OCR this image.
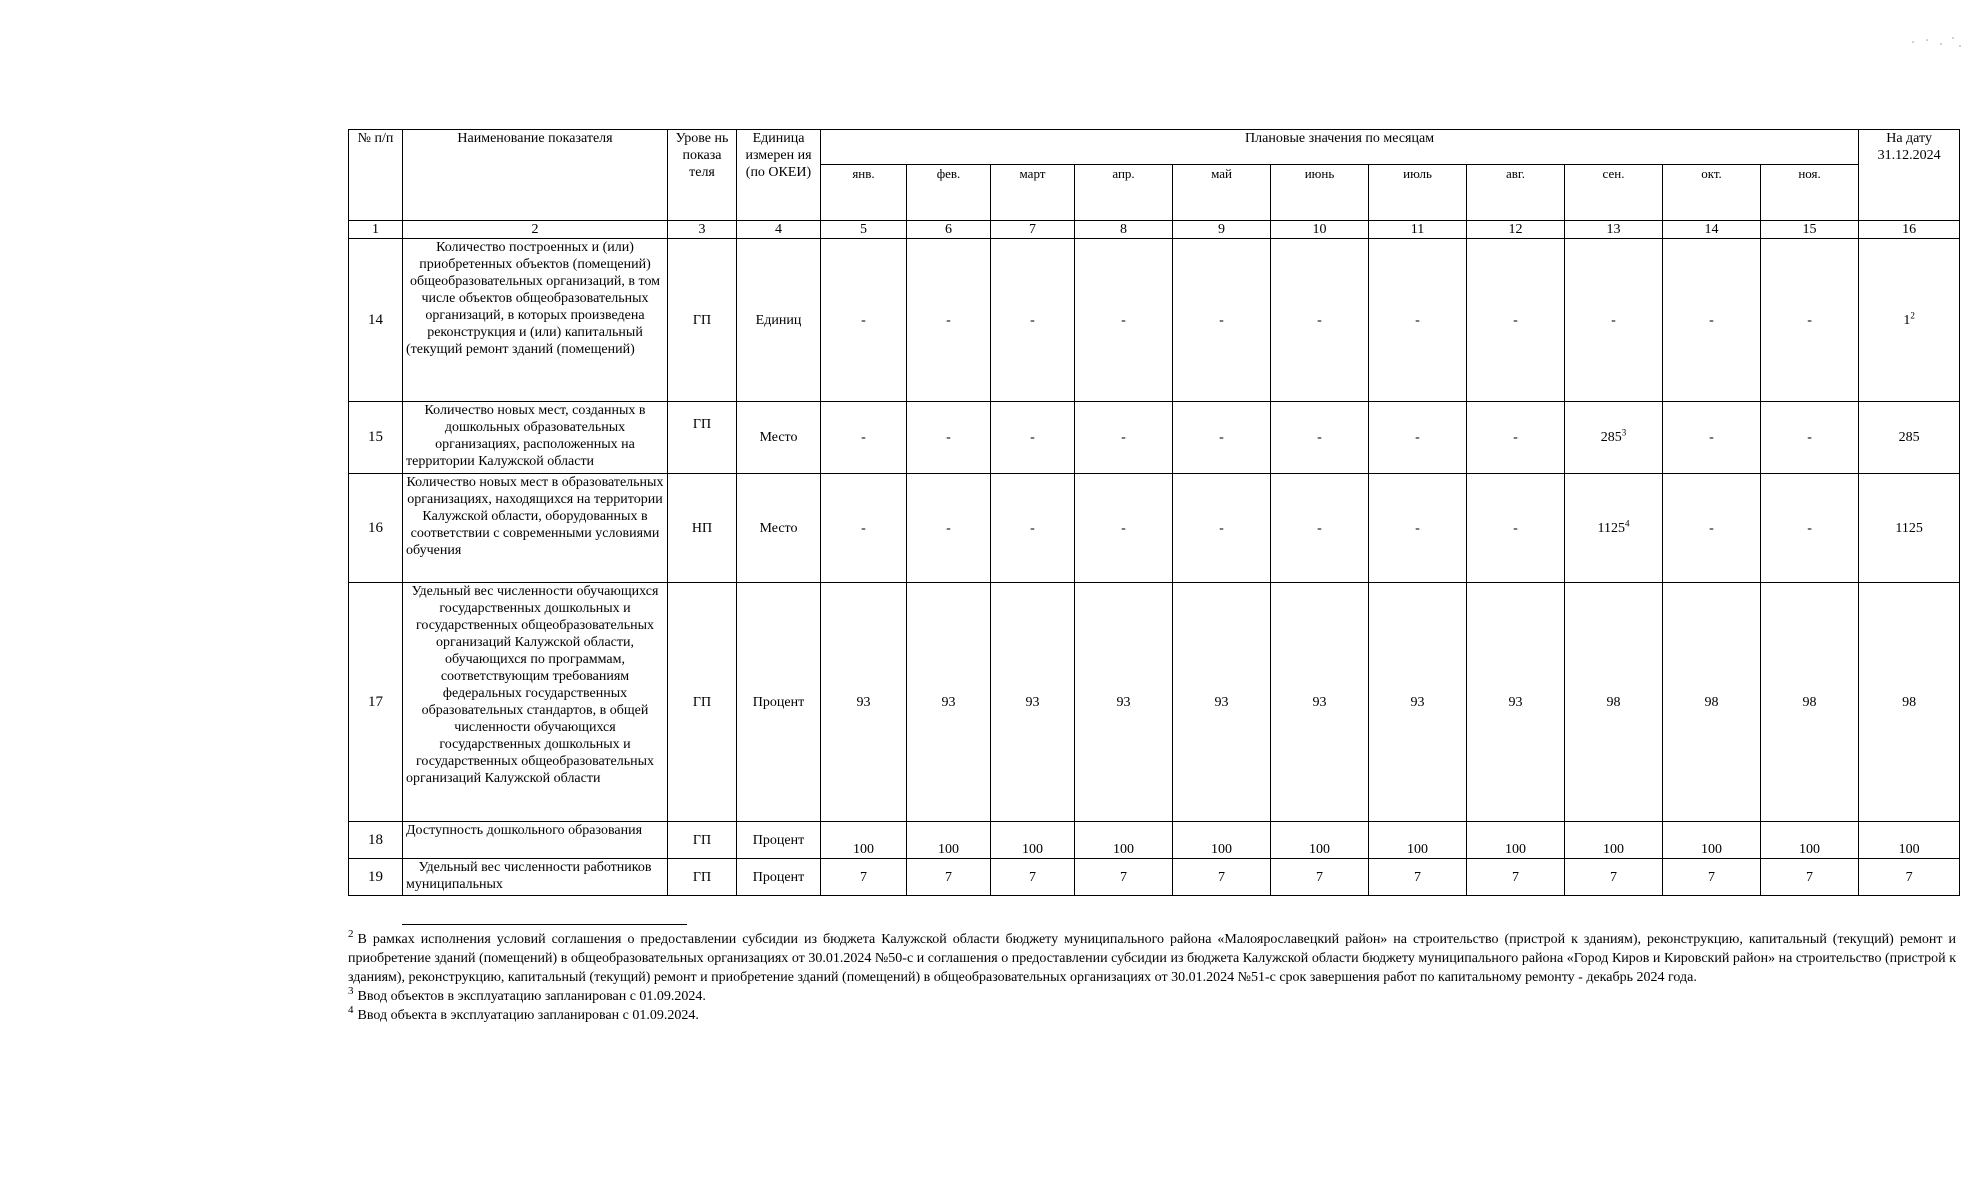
№ п/п	Наименование показателя	Урове нь показа теля	Единица измерен ия (по ОКЕИ)	Плановые значения по месяцам											На дату 31.12.2024
				янв.	фев.	март	апр.	май	июнь	июль	авг.	сен.	окт.	ноя.	
1	2	3	4	5	6	7	8	9	10	11	12	13	14	15	16
14	Количество построенных и (или) приобретенных объектов (помещений) общеобразовательных организаций, в том числе объектов общеобразовательных организаций, в которых произведена реконструкция и (или) капитальный (текущий ремонт зданий (помещений)	ГП	Единиц	-	-	-	-	-	-	-	-	-	-	-	$1^2$
15	Количество новых мест, созданных в дошкольных образовательных организациях, расположенных на территории Калужской области	ГП	Место	-	-	-	-	-	-	-	-	$285^3$	-	-	285
16	Количество новых мест в образовательных организациях, находящихся на территории Калужской области, оборудованных в соответствии с современными условиями обучения	НП	Место	-	-	-	-	-	-	-	-	1125$^4$	-	-	1125
17	Удельный вес численности обучающихся государственных дошкольных и государственных общеобразовательных организаций Калужской области, обучающихся по программам, соответствующим требованиям федеральных государственных образовательных стандартов, в общей численности обучающихся государственных дошкольных и государственных общеобразовательных организаций Калужской области	ГП	Процент	93	93	93	93	93	93	93	93	98	98	98	98
18	Доступность дошкольного образования	ГП	Процент	100	100	100	100	100	100	100	100	100	100	100	100
19	Удельный вес численности работников муниципальных	ГП	Процент	7	7	7	7	7	7	7	7	7	7	7	7

$^2$ В рамках исполнения условий соглашения о предоставлении субсидии из бюджета Калужской области бюджету муниципального района «Малоярославецкий район» на строительство (пристрой к зданиям), реконструкцию, капитальный (текущий) ремонт и приобретение зданий (помещений) в общеобразовательных организациях от 30.01.2024 №50-с и соглашения о предоставлении субсидии из бюджета Калужской области бюджету муниципального района «Город Киров и Кировский район» на строительство (пристрой к зданиям), реконструкцию, капитальный (текущий) ремонт и приобретение зданий (помещений) в общеобразовательных организациях от 30.01.2024 №51-с срок завершения работ по капитальному ремонту - декабрь 2024 года.

$^3$ Ввод объектов в эксплуатацию запланирован с 01.09.2024.

$^4$ Ввод объекта в эксплуатацию запланирован с 01.09.2024.
